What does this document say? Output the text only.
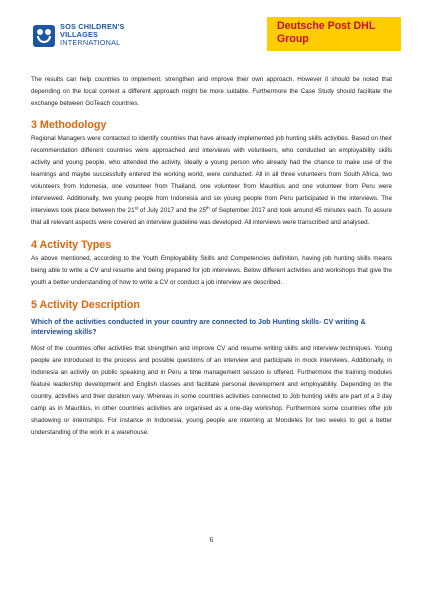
SOS CHILDREN'S
VILLAGES
INTERNATIONAL
Deutsche Post DHL
Group

The results can help countries to implement, strengthen and improve their own approach. However it should be noted that depending on the local context a different approach might be more suitable. Furthermore the Case Study should facilitate the exchange between GoTeach countries.

3 Methodology

Regional Managers were contacted to identify countries that have already implemented job hunting skills activities. Based on their recommendation different countries were approached and interviews with volunteers, who conducted an employability skills activity and young people, who attended the activity, ideally a young person who already had the chance to make use of the learnings and maybe successfully entered the working world, were conducted. All in all three volunteers from South Africa, two volunteers from Indonesia, one volunteer from Thailand, one volunteer from Mauritius and one volunteer from Peru were interviewed. Additionally, two young people from Indonesia and six young people from Peru participated in the interviews. The interviews took place between the 21st of July 2017 and the 25th of September 2017 and took around 45 minutes each. To assure that all relevant aspects were covered an interview guideline was developed. All interviews were transcribed and analysed.

4 Activity Types

As above mentioned, according to the Youth Employability Skills and Competencies definition, having job hunting skills means being able to write a CV and resume and being prepared for job interviews. Below different activities and workshops that give the youth a better understanding of how to write a CV or conduct a job interview are described.

5 Activity Description
Which of the activities conducted in your country are connected to Job Hunting skills- CV writing & interviewing skills?

Most of the countries offer activities that strengthen and improve CV and resume writing skills and interview techniques. Young people are introduced to the process and possible questions of an interview and participate in mock interviews. Additionally, in Indonesia an activity on public speaking and in Peru a time management session is offered. Furthermore the training modules feature leadership development and English classes and facilitate personal development and employability. Depending on the country, activities and their duration vary. Whereas in some countries activities connected to Job hunting skills are part of a 3 day camp as in Mauritius, in other countries activities are organised as a one-day workshop. Furthermore some countries offer job shadowing or internships. For instance in Indonesia, young people are interning at Mondeles for two weeks to get a better understanding of the work in a warehouse.

6
